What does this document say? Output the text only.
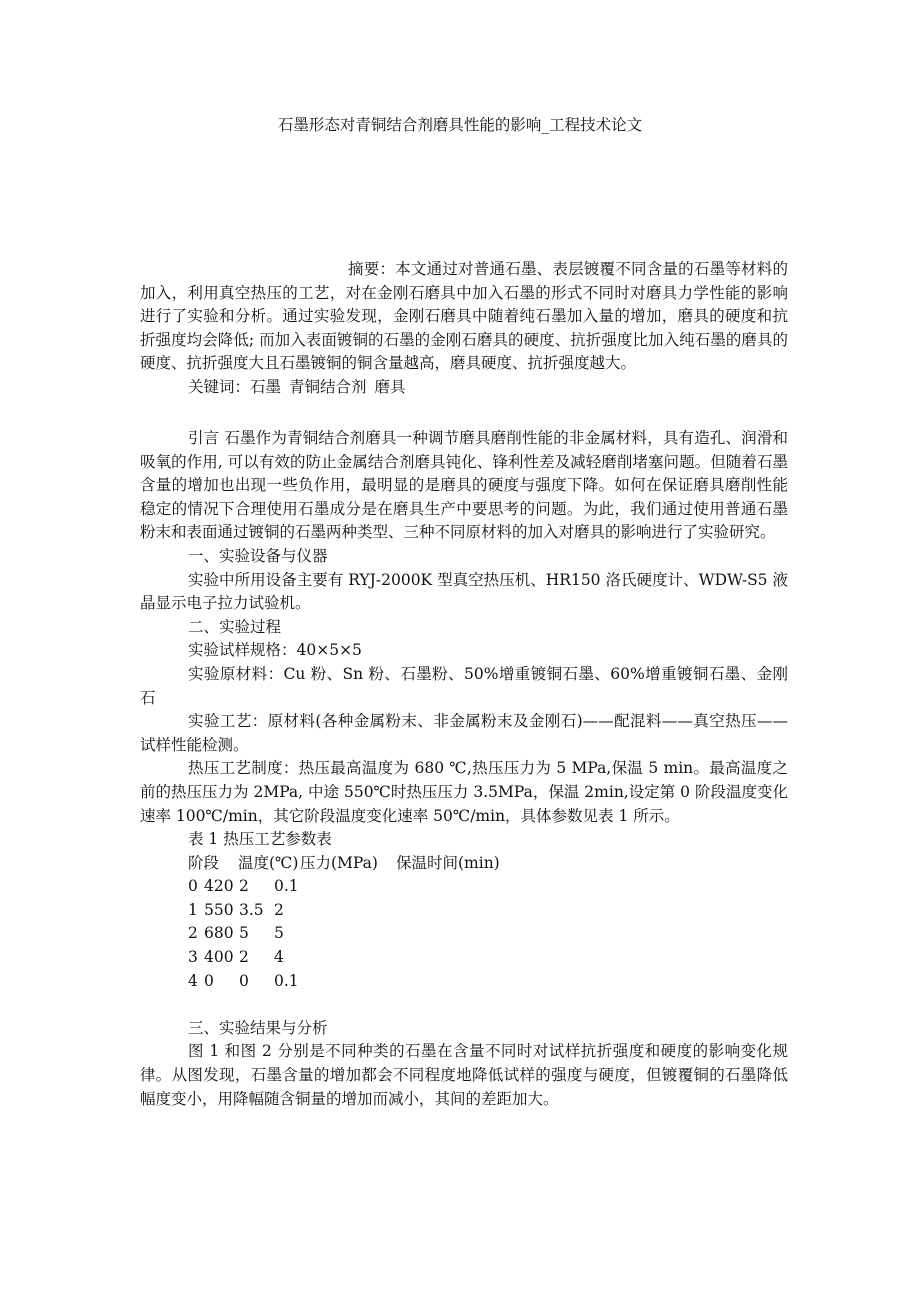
石墨形态对青铜结合剂磨具性能的影响_工程技术论文

摘要：本文通过对普通石墨、表层镀覆不同含量的石墨等材料的加入，利用真空热压的工艺，对在金刚石磨具中加入石墨的形式不同时对磨具力学性能的影响进行了实验和分析。通过实验发现，金刚石磨具中随着纯石墨加入量的增加，磨具的硬度和抗折强度均会降低; 而加入表面镀铜的石墨的金刚石磨具的硬度、抗折强度比加入纯石墨的磨具的硬度、抗折强度大且石墨镀铜的铜含量越高，磨具硬度、抗折强度越大。

关键词：石墨 青铜结合剂 磨具

引言 石墨作为青铜结合剂磨具一种调节磨具磨削性能的非金属材料，具有造孔、润滑和吸氧的作用, 可以有效的防止金属结合剂磨具钝化、锋利性差及减轻磨削堵塞问题。但随着石墨含量的增加也出现一些负作用，最明显的是磨具的硬度与强度下降。如何在保证磨具磨削性能稳定的情况下合理使用石墨成分是在磨具生产中要思考的问题。为此，我们通过使用普通石墨粉末和表面通过镀铜的石墨两种类型、三种不同原材料的加入对磨具的影响进行了实验研究。

一、实验设备与仪器

实验中所用设备主要有 RYJ-2000K 型真空热压机、HR150 洛氏硬度计、WDW-S5 液晶显示电子拉力试验机。

二、实验过程

实验试样规格：40×5×5

实验原材料：Cu 粉、Sn 粉、石墨粉、50%增重镀铜石墨、60%增重镀铜石墨、金刚石

实验工艺：原材料(各种金属粉末、非金属粉末及金刚石)——配混料——真空热压——试样性能检测。

热压工艺制度：热压最高温度为 680 ℃,热压压力为 5 MPa,保温 5 min。最高温度之前的热压压力为 2MPa, 中途 550℃时热压压力 3.5MPa，保温 2min,设定第 0 阶段温度变化速率 100℃/min，其它阶段温度变化速率 50℃/min，具体参数见表 1 所示。

表 1 热压工艺参数表

阶段	温度(℃) 压力(MPa)	保温时间(min)
0 420 2	0.1
1 550 3.5 2
2 680 5	5
3 400 2	4
4 0	0	0.1

三、实验结果与分析

图 1 和图 2 分别是不同种类的石墨在含量不同时对试样抗折强度和硬度的影响变化规律。从图发现，石墨含量的增加都会不同程度地降低试样的强度与硬度，但镀覆铜的石墨降低幅度变小，用降幅随含铜量的增加而减小，其间的差距加大。
